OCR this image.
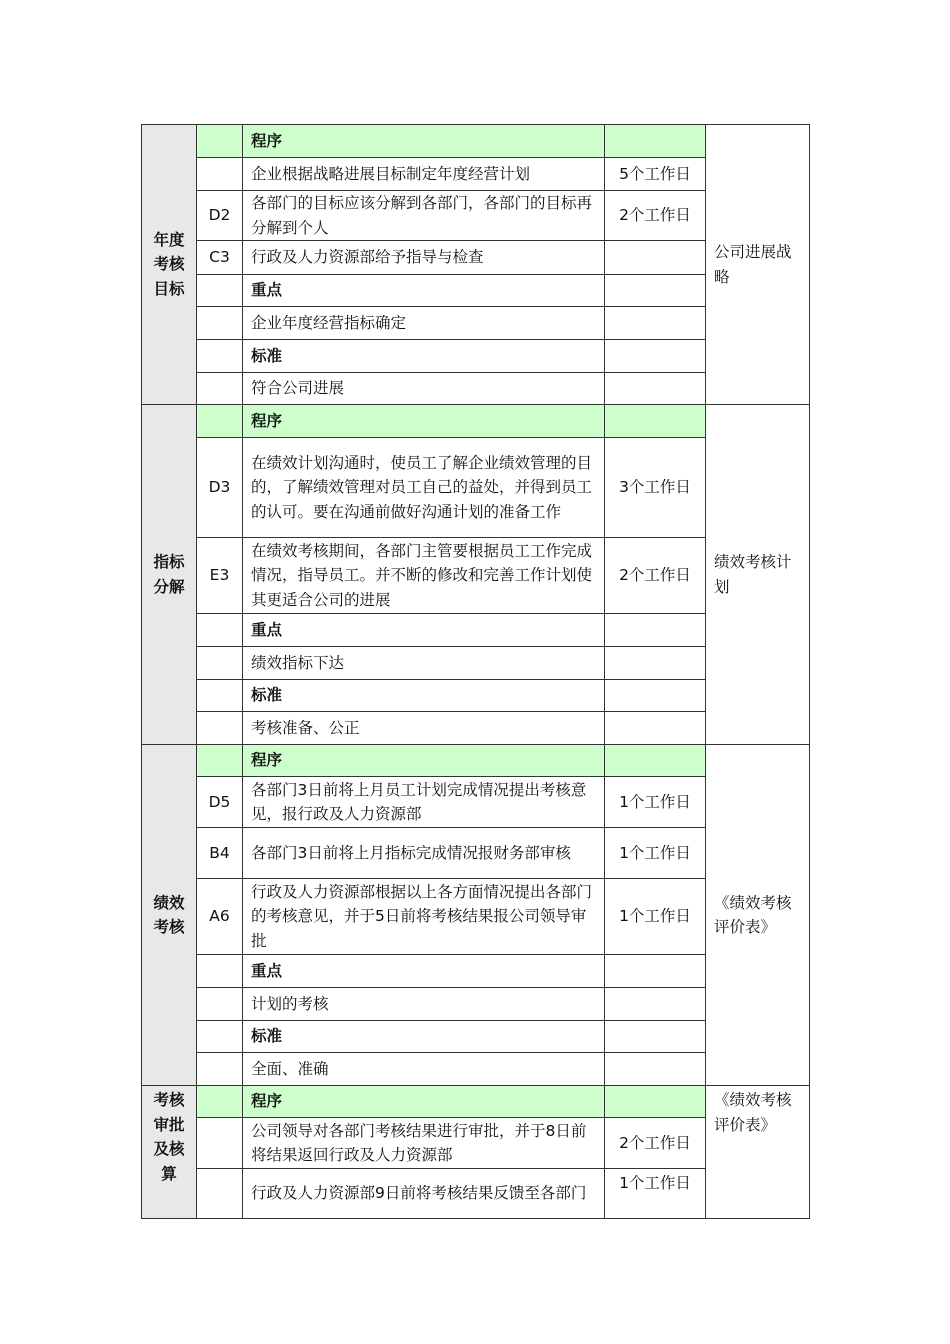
年度考核目标		程序		公司进展战略
		企业根据战略进展目标制定年度经营计划	5个工作日	
	D2	各部门的目标应该分解到各部门，各部门的目标再分解到个人	2个工作日	
	C3	行政及人力资源部给予指导与检查		
		重点		
		企业年度经营指标确定		
		标准		
		符合公司进展		
指标分解		程序		绩效考核计划
	D3	在绩效计划沟通时，使员工了解企业绩效管理的目的，了解绩效管理对员工自己的益处，并得到员工的认可。要在沟通前做好沟通计划的准备工作	3个工作日	
	E3	在绩效考核期间，各部门主管要根据员工工作完成情况，指导员工。并不断的修改和完善工作计划使其更适合公司的进展	2个工作日	
		重点		
		绩效指标下达		
		标准		
		考核准备、公正		
绩效考核		程序		《绩效考核评价表》
	D5	各部门3日前将上月员工计划完成情况提出考核意见，报行政及人力资源部	1个工作日	
	B4	各部门3日前将上月指标完成情况报财务部审核	1个工作日	
	A6	行政及人力资源部根据以上各方面情况提出各部门的考核意见，并于5日前将考核结果报公司领导审批	1个工作日	
		重点		
		计划的考核		
		标准		
		全面、准确		
考核审批及核算		程序		《绩效考核评价表》
		公司领导对各部门考核结果进行审批，并于8日前将结果返回行政及人力资源部	2个工作日	
		行政及人力资源部9日前将考核结果反馈至各部门	1个工作日	
